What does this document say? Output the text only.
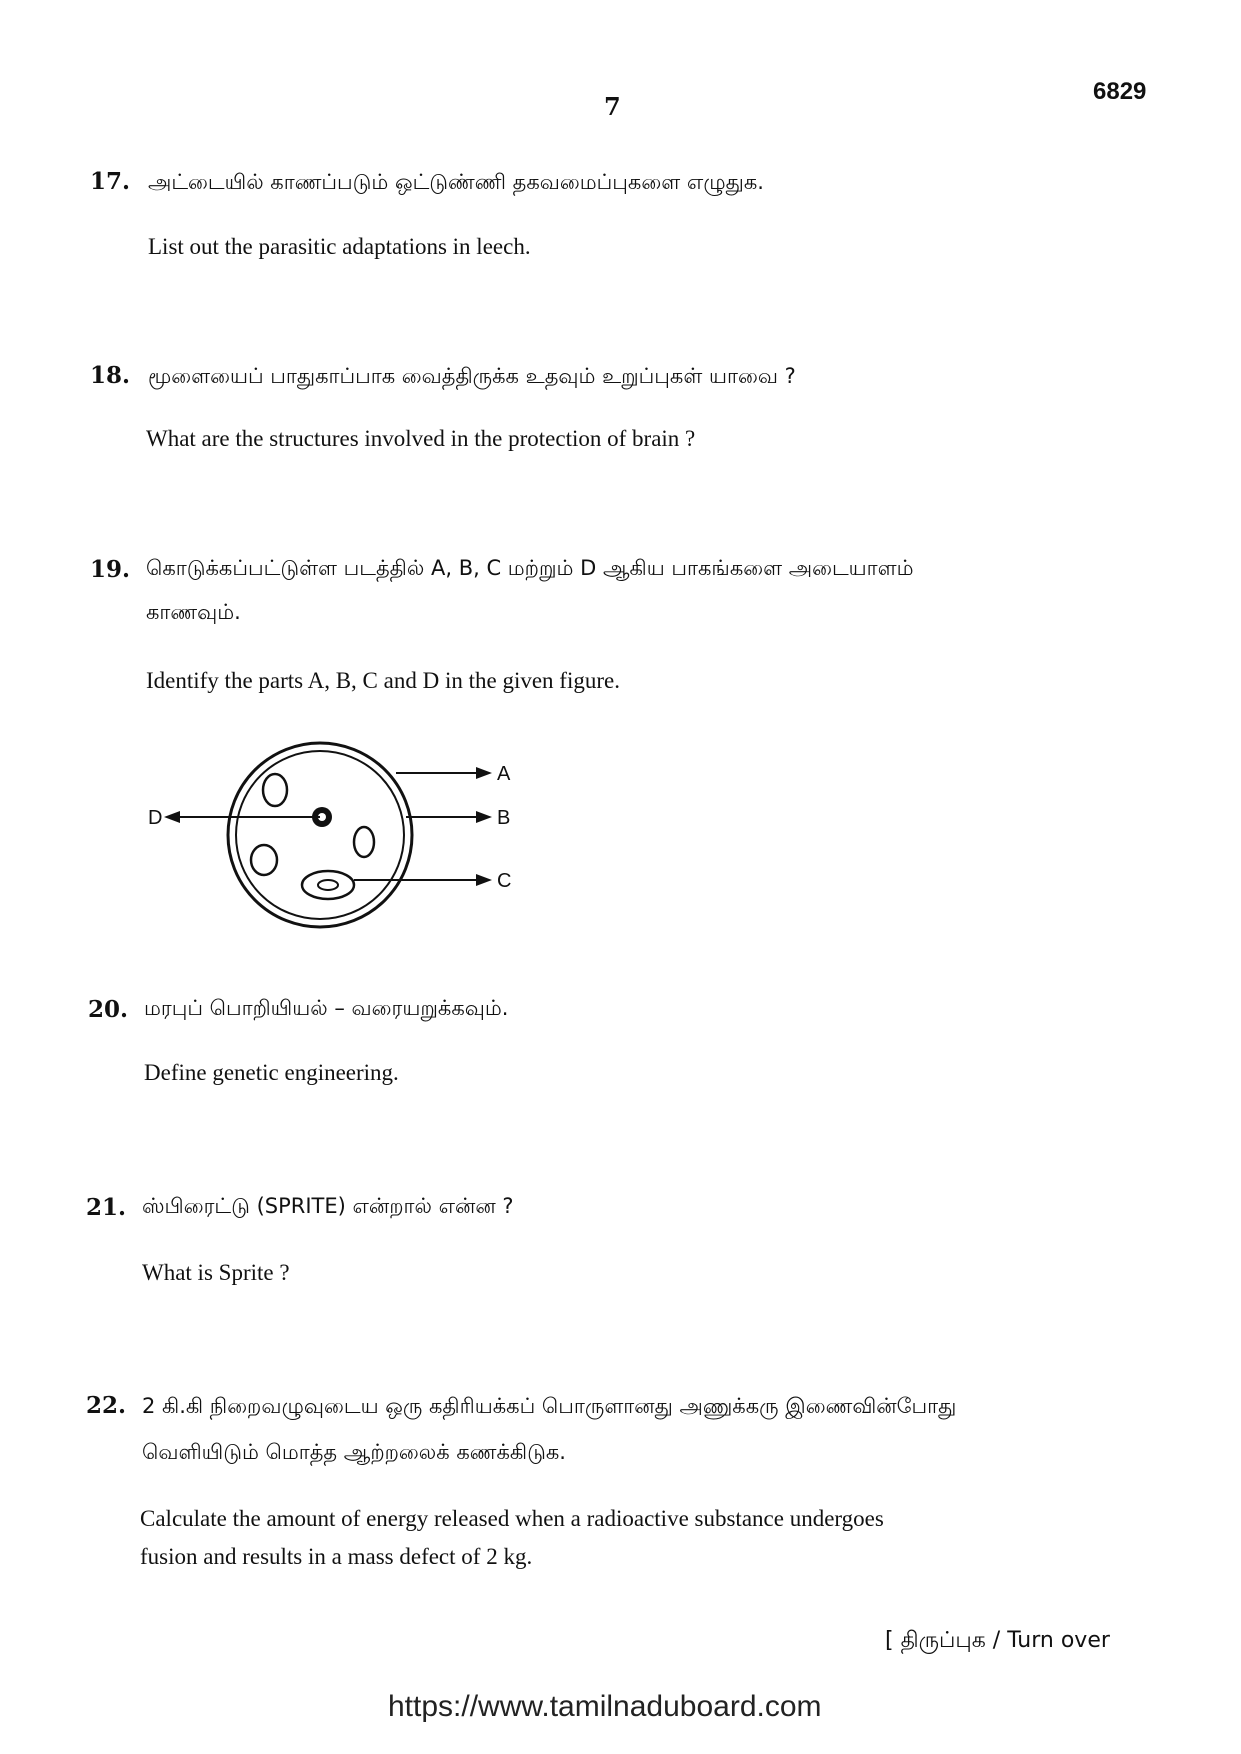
7
6829
17. அட்டையில் காணப்படும் ஒட்டுண்ணி தகவமைப்புகளை எழுதுக.
List out the parasitic adaptations in leech.
18. மூளையைப் பாதுகாப்பாக வைத்திருக்க உதவும் உறுப்புகள் யாவை ?
What are the structures involved in the protection of brain ?
19. கொடுக்கப்பட்டுள்ள படத்தில் A, B, C மற்றும் D ஆகிய பாகங்களை அடையாளம்
காணவும்.
Identify the parts A, B, C and D in the given figure.
D
A
B
C
20. மரபுப் பொறியியல் – வரையறுக்கவும்.
Define genetic engineering.
21. ஸ்பிரைட்டு (SPRITE) என்றால் என்ன ?
What is Sprite ?
22. 2 கி.கி நிறைவழுவுடைய ஒரு கதிரியக்கப் பொருளானது அணுக்கரு இணைவின்போது
வெளியிடும் மொத்த ஆற்றலைக் கணக்கிடுக.
Calculate the amount of energy released when a radioactive substance undergoes
fusion and results in a mass defect of 2 kg.
[ திருப்புக / Turn over
https://www.tamilnaduboard.com
